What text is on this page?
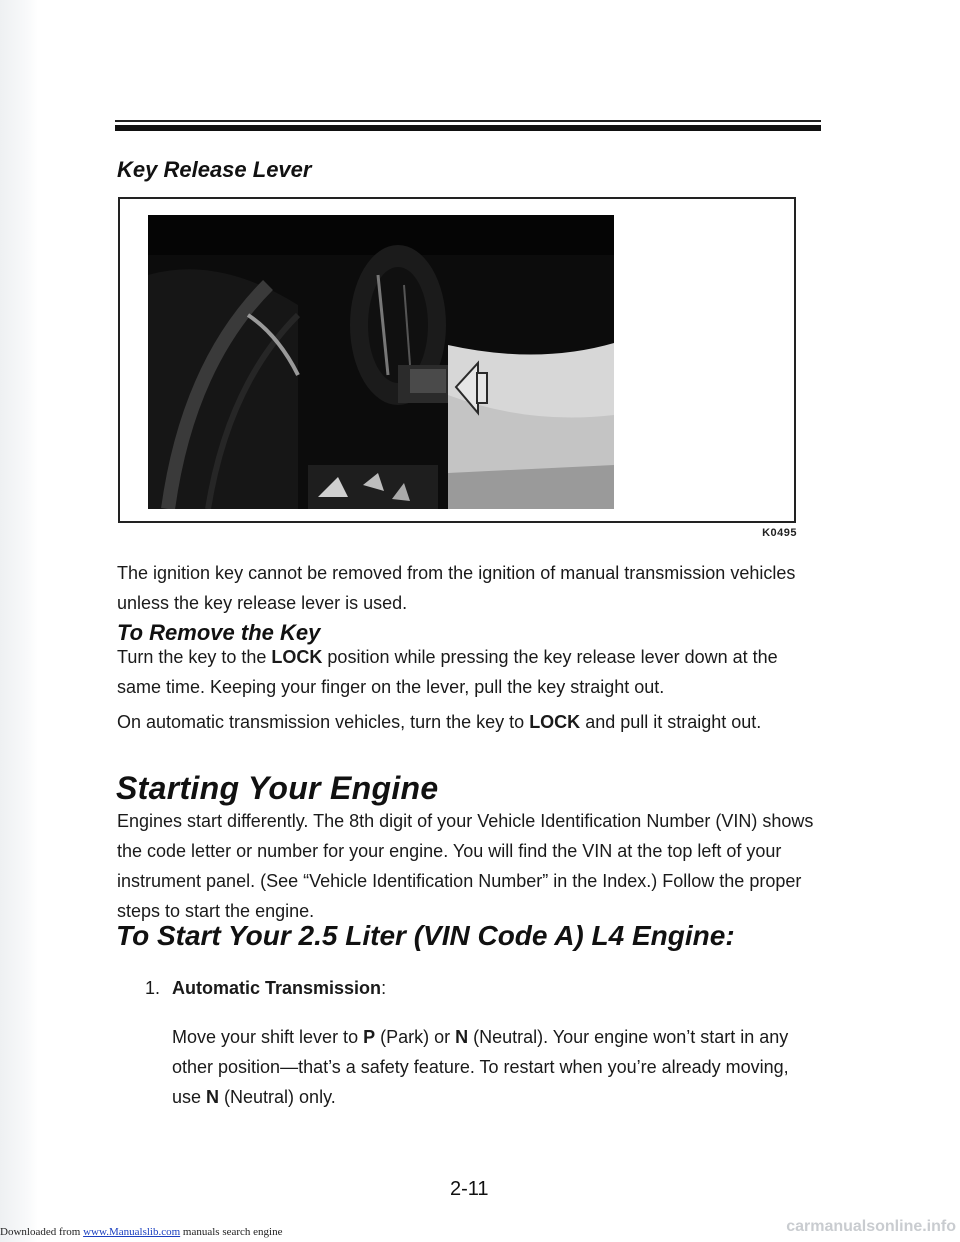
Key Release Lever
K0495

The ignition key cannot be removed from the ignition of manual transmission vehicles unless the key release lever is used.

To Remove the Key

Turn the key to the LOCK position while pressing the key release lever down at the same time. Keeping your finger on the lever, pull the key straight out.

On automatic transmission vehicles, turn the key to LOCK and pull it straight out.

Starting Your Engine

Engines start differently. The 8th digit of your Vehicle Identification Number (VIN) shows the code letter or number for your engine. You will find the VIN at the top left of your instrument panel. (See “Vehicle Identification Number” in the Index.) Follow the proper steps to start the engine.

To Start Your 2.5 Liter (VIN Code A) L4 Engine:
1. Automatic Transmission:

Move your shift lever to P (Park) or N (Neutral). Your engine won’t start in any other position—that’s a safety feature. To restart when you’re already moving, use N (Neutral) only.

2-11
Downloaded from www.Manualslib.com manuals search engine	carmanualsonline.info
